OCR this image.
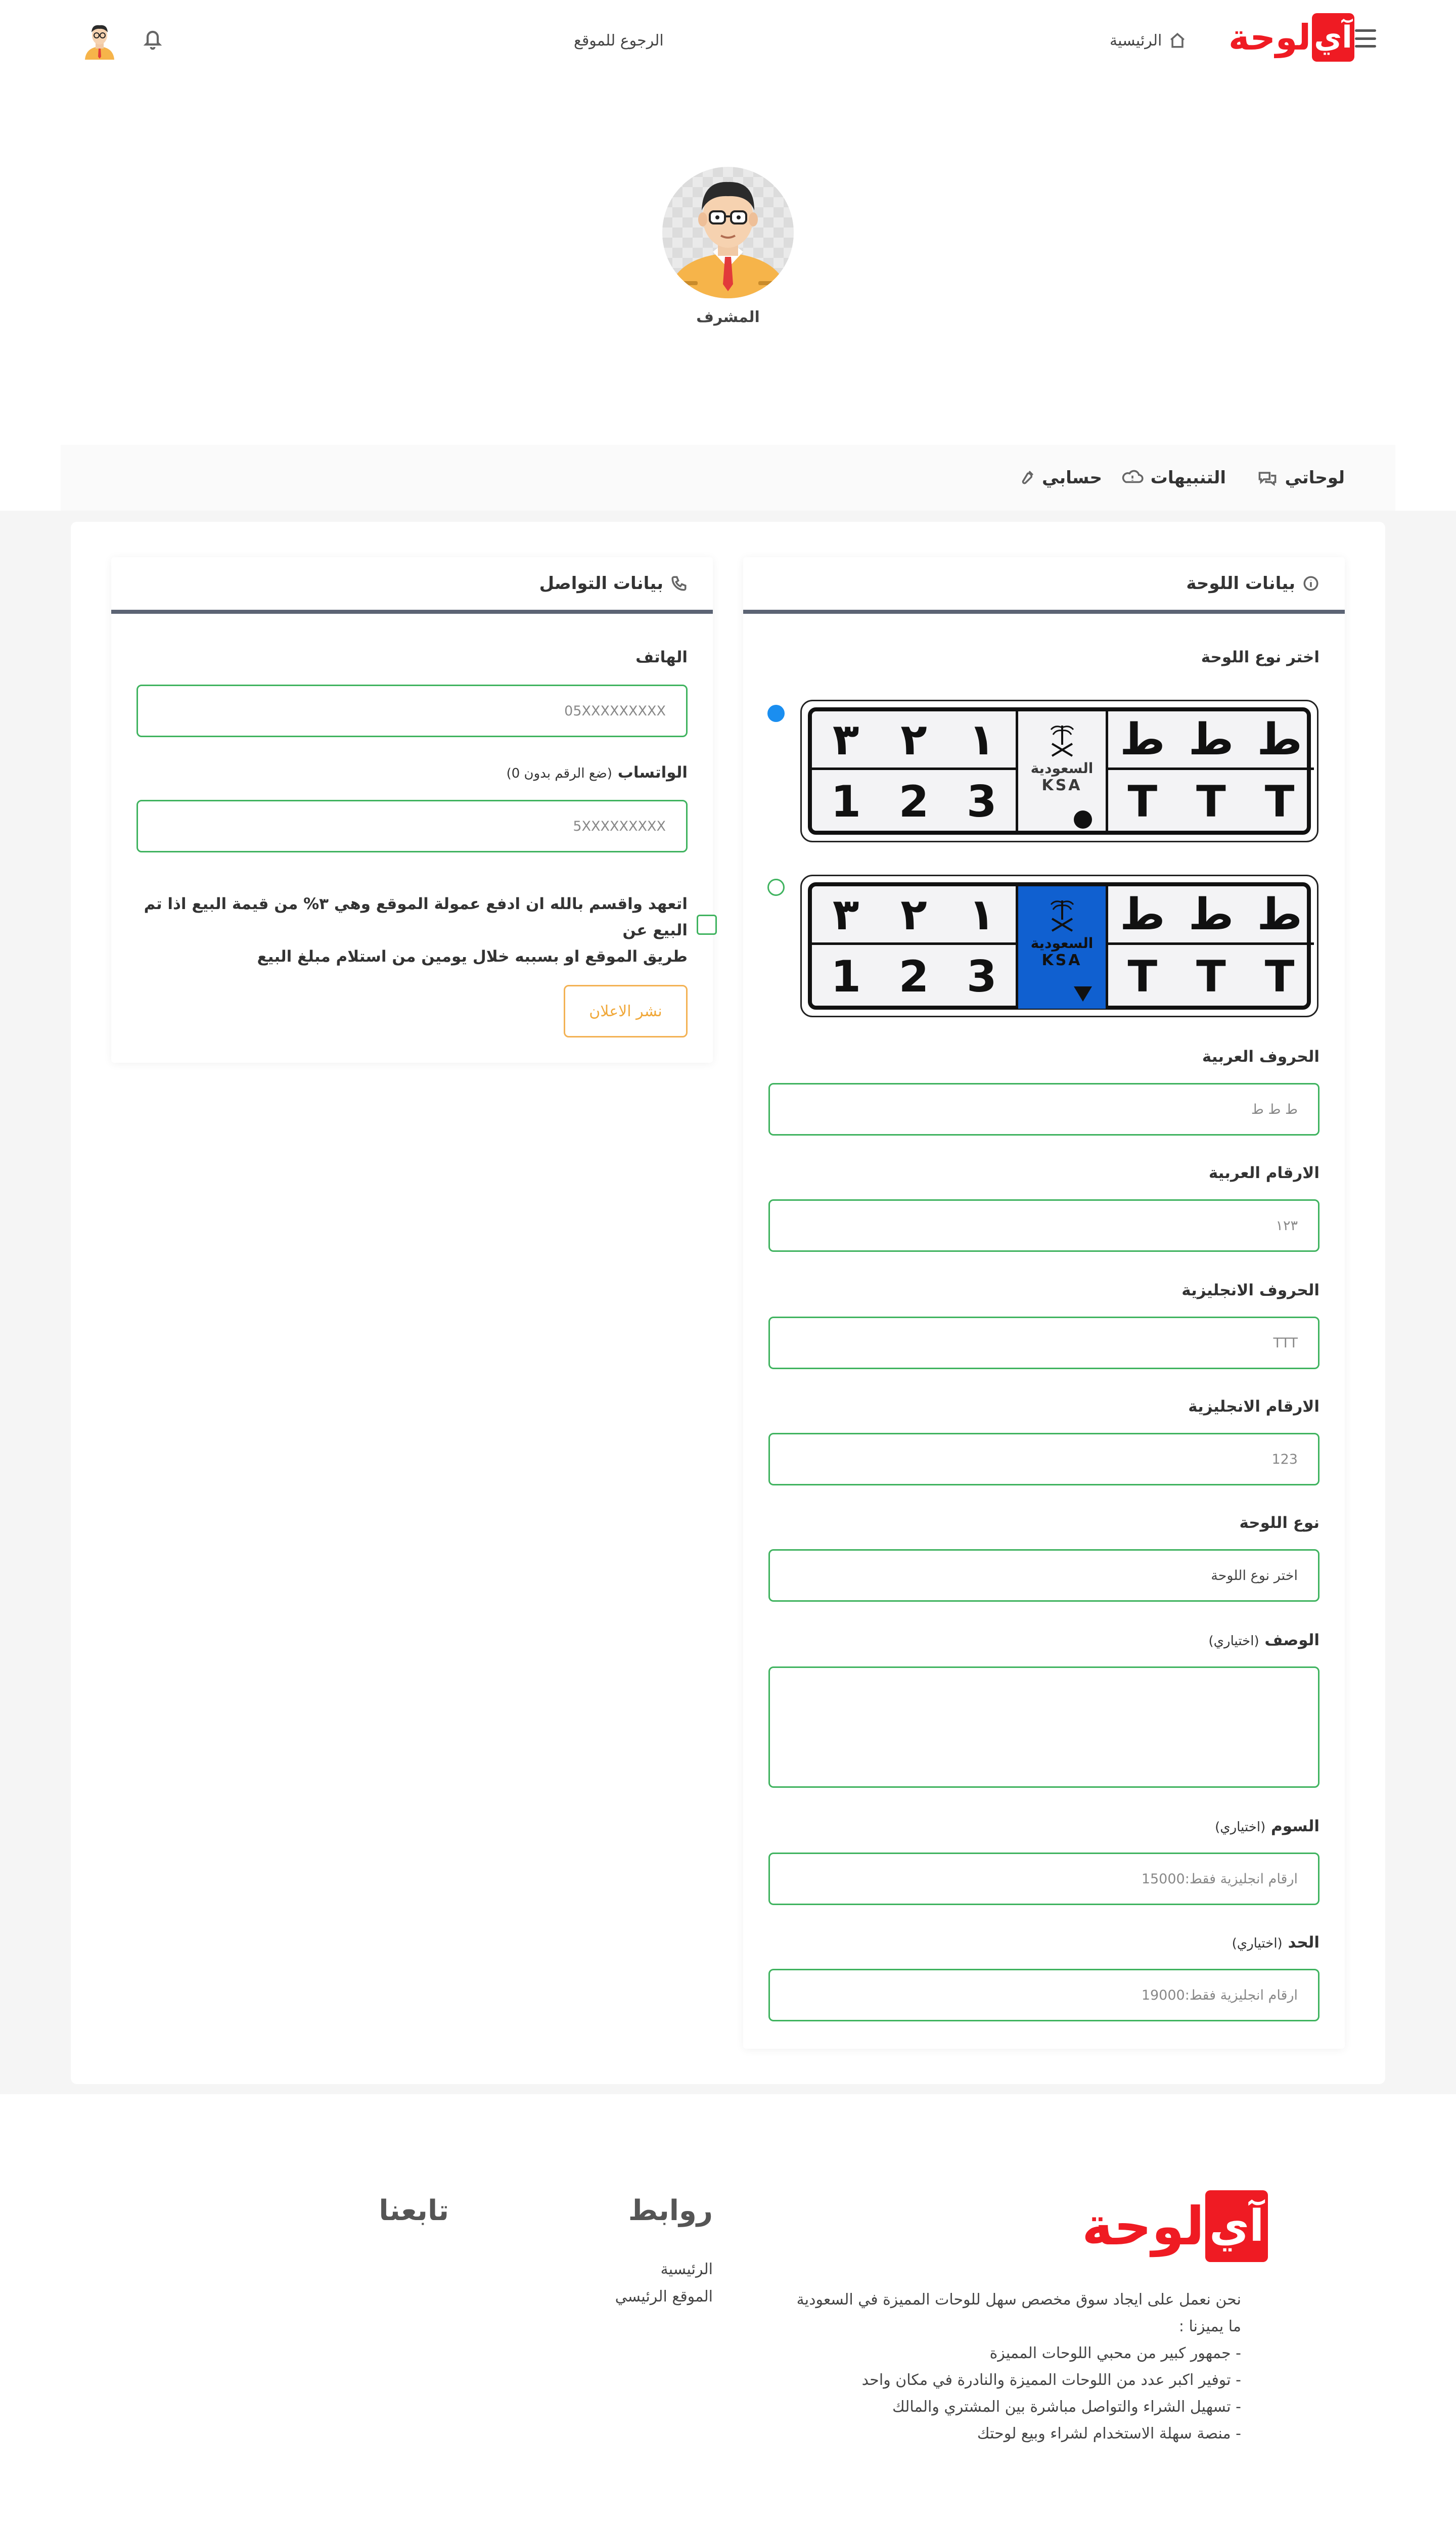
آي
لوحة
الرئيسية
الرجوع للموقع
المشرف
لوحاتي
التنبيهات
حسابي
بيانات اللوحة
اختر نوع اللوحة
٣ ٢ ١
1 2 3
السعودية
KSA
ط
ط
ط
T T T
٣ ٢ ١
1 2 3
السعودية
KSA
ط
ط
ط
T T T
الحروف العربية
ط ط ط
الارقام العربية
١٢٣
الحروف الانجليزية
TTT
الارقام الانجليزية
123
نوع اللوحة
اختر نوع اللوحة
الوصف (اختياري)
السوم (اختياري)
ارقام انجليزية فقط:15000
الحد (اختياري)
ارقام انجليزية فقط:19000
بيانات التواصل
الهاتف
05XXXXXXXXX
الواتساب (ضع الرقم بدون 0)
5XXXXXXXXX
اتعهد واقسم بالله ان ادفع عمولة الموقع وهي ٣% من قيمة البيع اذا تم البيع عن
طريق الموقع او بسببه خلال يومين من استلام مبلغ البيع
نشر الاعلان
آي
لوحة
نحن نعمل على ايجاد سوق مخصص سهل للوحات المميزة في السعودية
ما يميزنا :
- جمهور كبير من محبي اللوحات المميزة
- توفير اكبر عدد من اللوحات المميزة والنادرة في مكان واحد
- تسهيل الشراء والتواصل مباشرة بين المشتري والمالك
- منصة سهلة الاستخدام لشراء وبيع لوحتك
روابط
الرئيسية
الموقع الرئيسي
تابعنا
